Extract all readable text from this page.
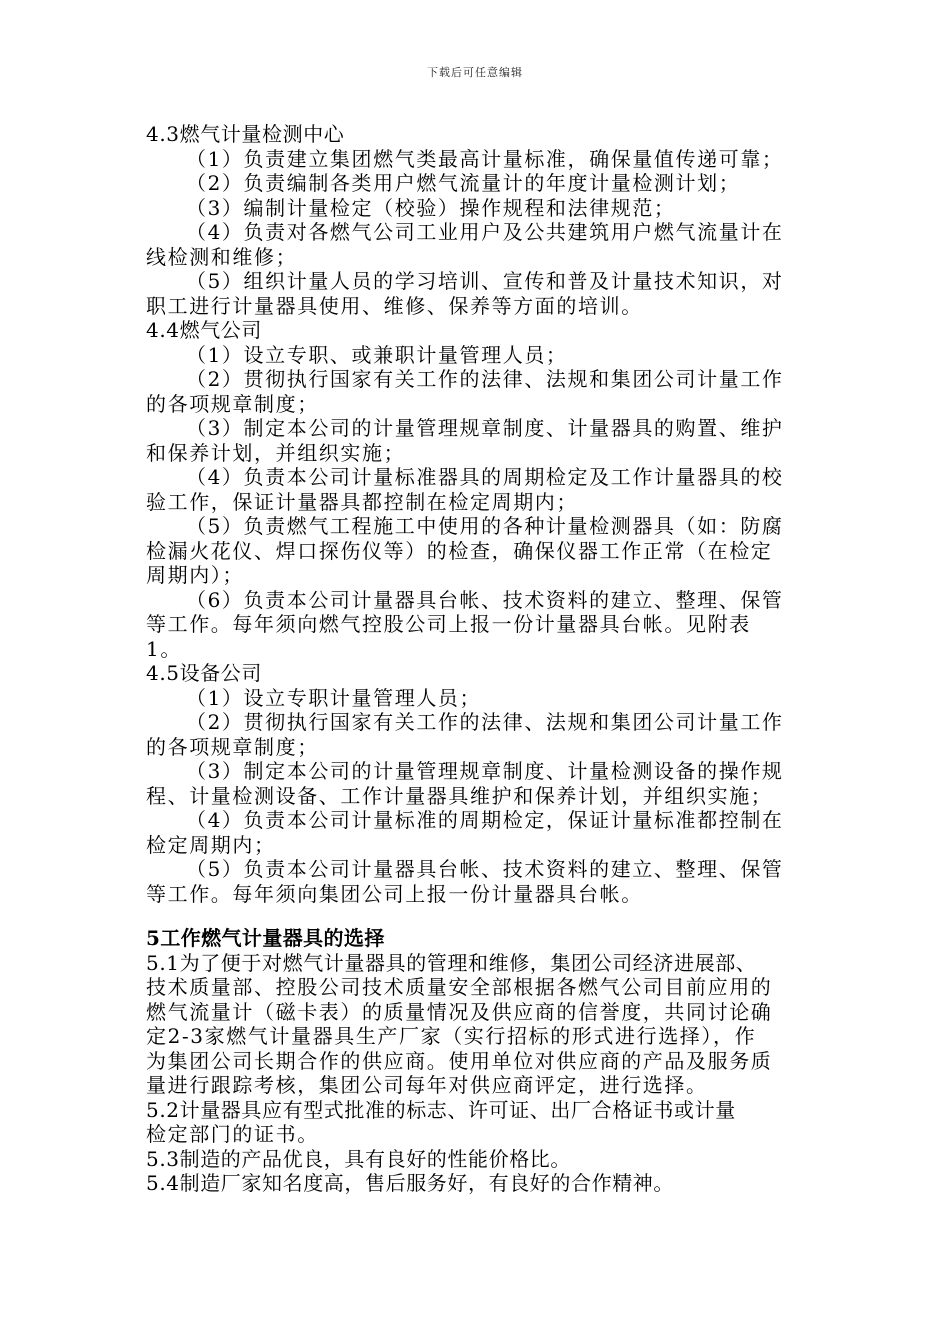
下载后可任意编辑
4.3燃气计量检测中心
（1）负责建立集团燃气类最高计量标准，确保量值传递可靠；
（2）负责编制各类用户燃气流量计的年度计量检测计划；
（3）编制计量检定（校验）操作规程和法律规范；
（4）负责对各燃气公司工业用户及公共建筑用户燃气流量计在
线检测和维修；
（5）组织计量人员的学习培训、宣传和普及计量技术知识，对
职工进行计量器具使用、维修、保养等方面的培训。
4.4燃气公司
（1）设立专职、或兼职计量管理人员；
（2）贯彻执行国家有关工作的法律、法规和集团公司计量工作
的各项规章制度；
（3）制定本公司的计量管理规章制度、计量器具的购置、维护
和保养计划，并组织实施；
（4）负责本公司计量标准器具的周期检定及工作计量器具的校
验工作，保证计量器具都控制在检定周期内；
（5）负责燃气工程施工中使用的各种计量检测器具（如：防腐
检漏火花仪、焊口探伤仪等）的检查，确保仪器工作正常（在检定
周期内）；
（6）负责本公司计量器具台帐、技术资料的建立、整理、保管
等工作。每年须向燃气控股公司上报一份计量器具台帐。见附表
1。
4.5设备公司
（1）设立专职计量管理人员；
（2）贯彻执行国家有关工作的法律、法规和集团公司计量工作
的各项规章制度；
（3）制定本公司的计量管理规章制度、计量检测设备的操作规
程、计量检测设备、工作计量器具维护和保养计划，并组织实施；
（4）负责本公司计量标准的周期检定，保证计量标准都控制在
检定周期内；
（5）负责本公司计量器具台帐、技术资料的建立、整理、保管
等工作。每年须向集团公司上报一份计量器具台帐。
5工作燃气计量器具的选择
5.1为了便于对燃气计量器具的管理和维修，集团公司经济进展部、
技术质量部、控股公司技术质量安全部根据各燃气公司目前应用的
燃气流量计（磁卡表）的质量情况及供应商的信誉度，共同讨论确
定2-3家燃气计量器具生产厂家（实行招标的形式进行选择），作
为集团公司长期合作的供应商。使用单位对供应商的产品及服务质
量进行跟踪考核，集团公司每年对供应商评定，进行选择。
5.2计量器具应有型式批准的标志、许可证、出厂合格证书或计量
检定部门的证书。
5.3制造的产品优良，具有良好的性能价格比。
5.4制造厂家知名度高，售后服务好，有良好的合作精神。
